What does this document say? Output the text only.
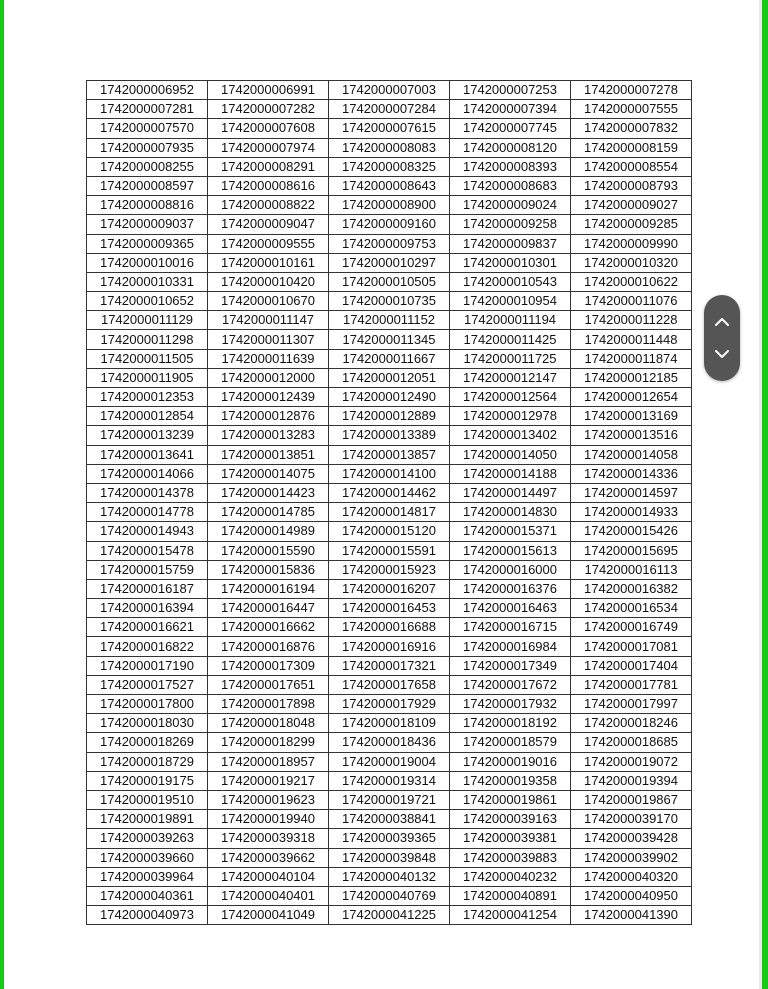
1742000006952	1742000006991	1742000007003	1742000007253	1742000007278
1742000007281	1742000007282	1742000007284	1742000007394	1742000007555
1742000007570	1742000007608	1742000007615	1742000007745	1742000007832
1742000007935	1742000007974	1742000008083	1742000008120	1742000008159
1742000008255	1742000008291	1742000008325	1742000008393	1742000008554
1742000008597	1742000008616	1742000008643	1742000008683	1742000008793
1742000008816	1742000008822	1742000008900	1742000009024	1742000009027
1742000009037	1742000009047	1742000009160	1742000009258	1742000009285
1742000009365	1742000009555	1742000009753	1742000009837	1742000009990
1742000010016	1742000010161	1742000010297	1742000010301	1742000010320
1742000010331	1742000010420	1742000010505	1742000010543	1742000010622
1742000010652	1742000010670	1742000010735	1742000010954	1742000011076
1742000011129	1742000011147	1742000011152	1742000011194	1742000011228
1742000011298	1742000011307	1742000011345	1742000011425	1742000011448
1742000011505	1742000011639	1742000011667	1742000011725	1742000011874
1742000011905	1742000012000	1742000012051	1742000012147	1742000012185
1742000012353	1742000012439	1742000012490	1742000012564	1742000012654
1742000012854	1742000012876	1742000012889	1742000012978	1742000013169
1742000013239	1742000013283	1742000013389	1742000013402	1742000013516
1742000013641	1742000013851	1742000013857	1742000014050	1742000014058
1742000014066	1742000014075	1742000014100	1742000014188	1742000014336
1742000014378	1742000014423	1742000014462	1742000014497	1742000014597
1742000014778	1742000014785	1742000014817	1742000014830	1742000014933
1742000014943	1742000014989	1742000015120	1742000015371	1742000015426
1742000015478	1742000015590	1742000015591	1742000015613	1742000015695
1742000015759	1742000015836	1742000015923	1742000016000	1742000016113
1742000016187	1742000016194	1742000016207	1742000016376	1742000016382
1742000016394	1742000016447	1742000016453	1742000016463	1742000016534
1742000016621	1742000016662	1742000016688	1742000016715	1742000016749
1742000016822	1742000016876	1742000016916	1742000016984	1742000017081
1742000017190	1742000017309	1742000017321	1742000017349	1742000017404
1742000017527	1742000017651	1742000017658	1742000017672	1742000017781
1742000017800	1742000017898	1742000017929	1742000017932	1742000017997
1742000018030	1742000018048	1742000018109	1742000018192	1742000018246
1742000018269	1742000018299	1742000018436	1742000018579	1742000018685
1742000018729	1742000018957	1742000019004	1742000019016	1742000019072
1742000019175	1742000019217	1742000019314	1742000019358	1742000019394
1742000019510	1742000019623	1742000019721	1742000019861	1742000019867
1742000019891	1742000019940	1742000038841	1742000039163	1742000039170
1742000039263	1742000039318	1742000039365	1742000039381	1742000039428
1742000039660	1742000039662	1742000039848	1742000039883	1742000039902
1742000039964	1742000040104	1742000040132	1742000040232	1742000040320
1742000040361	1742000040401	1742000040769	1742000040891	1742000040950
1742000040973	1742000041049	1742000041225	1742000041254	1742000041390
